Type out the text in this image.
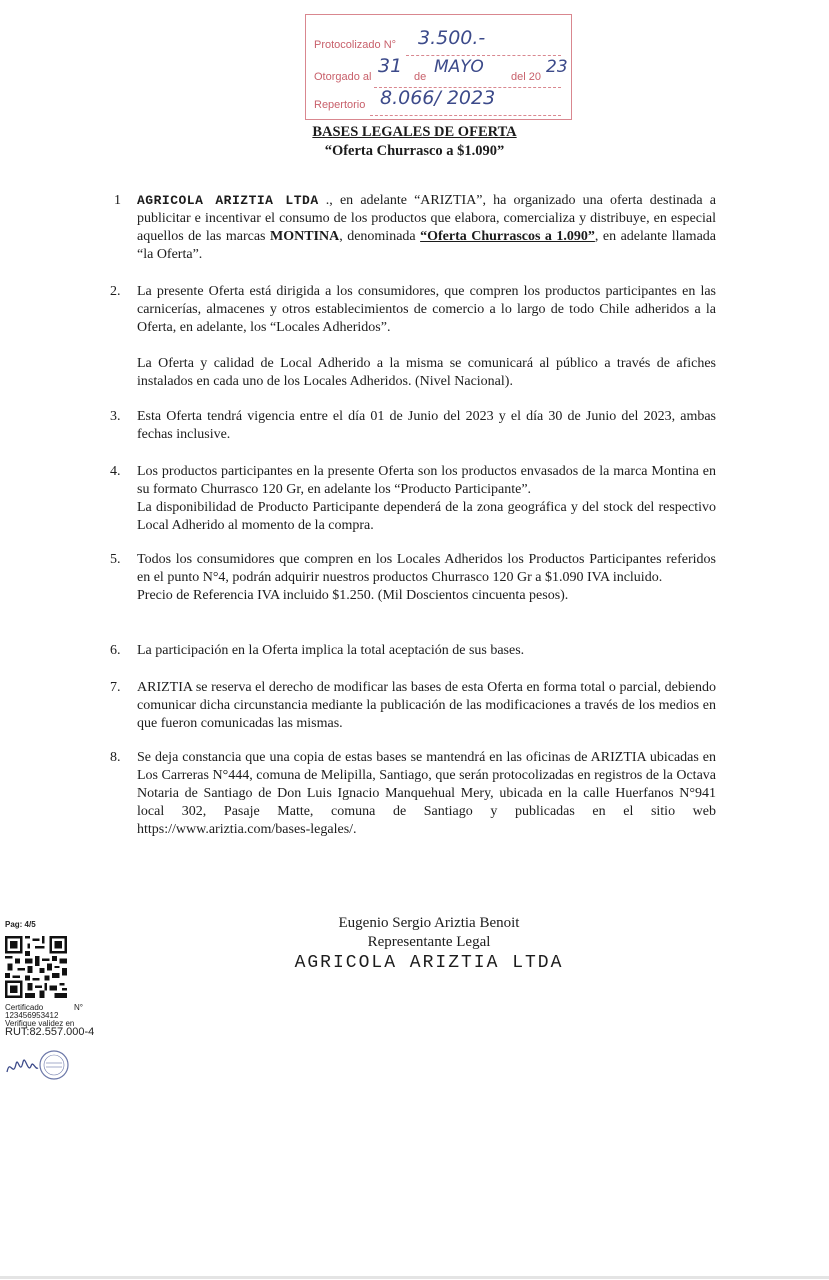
Protocolizado N° 3.500.-
Otorgado al 31 de MAYO del 20 23
Repertorio 8.066/ 2023
BASES LEGALES DE OFERTA
“Oferta Churrasco a $1.090”
1 AGRICOLA ARIZTIA LTDA ., en adelante “ARIZTIA”, ha organizado una oferta destinada a publicitar e incentivar el consumo de los productos que elabora, comercializa y distribuye, en especial aquellos de las marcas MONTINA, denominada “Oferta Churrascos a 1.090”, en adelante llamada “la Oferta”.

2. La presente Oferta está dirigida a los consumidores, que compren los productos participantes en las carnicerías, almacenes y otros establecimientos de comercio a lo largo de todo Chile adheridos a la Oferta, en adelante, los “Locales Adheridos”.

La Oferta y calidad de Local Adherido a la misma se comunicará al público a través de afiches instalados en cada uno de los Locales Adheridos. (Nivel Nacional).

3. Esta Oferta tendrá vigencia entre el día 01 de Junio del 2023 y el día 30 de Junio del 2023, ambas fechas inclusive.

4. Los productos participantes en la presente Oferta son los productos envasados de la marca Montina en su formato Churrasco 120 Gr, en adelante los “Producto Participante”.

La disponibilidad de Producto Participante dependerá de la zona geográfica y del stock del respectivo Local Adherido al momento de la compra.

5. Todos los consumidores que compren en los Locales Adheridos los Productos Participantes referidos en el punto N°4, podrán adquirir nuestros productos Churrasco 120 Gr a $1.090 IVA incluido.

Precio de Referencia IVA incluido $1.250. (Mil Doscientos cincuenta pesos).

6. La participación en la Oferta implica la total aceptación de sus bases.

7. ARIZTIA se reserva el derecho de modificar las bases de esta Oferta en forma total o parcial, debiendo comunicar dicha circunstancia mediante la publicación de las modificaciones a través de los medios en que fueron comunicadas las mismas.

8. Se deja constancia que una copia de estas bases se mantendrá en las oficinas de ARIZTIA ubicadas en Los Carreras N°444, comuna de Melipilla, Santiago, que serán protocolizadas en registros de la Octava Notaria de Santiago de Don Luis Ignacio Manquehual Mery, ubicada en la calle Huerfanos N°941 local 302, Pasaje Matte, comuna de Santiago y publicadas en el sitio web https://www.ariztia.com/bases-legales/.

Eugenio Sergio Ariztia Benoit
Representante Legal
AGRICOLA ARIZTIA LTDA
Pag: 4/5
Certificado	N°
123456953412
Verifique validez en
RUT:82.557.000-4
